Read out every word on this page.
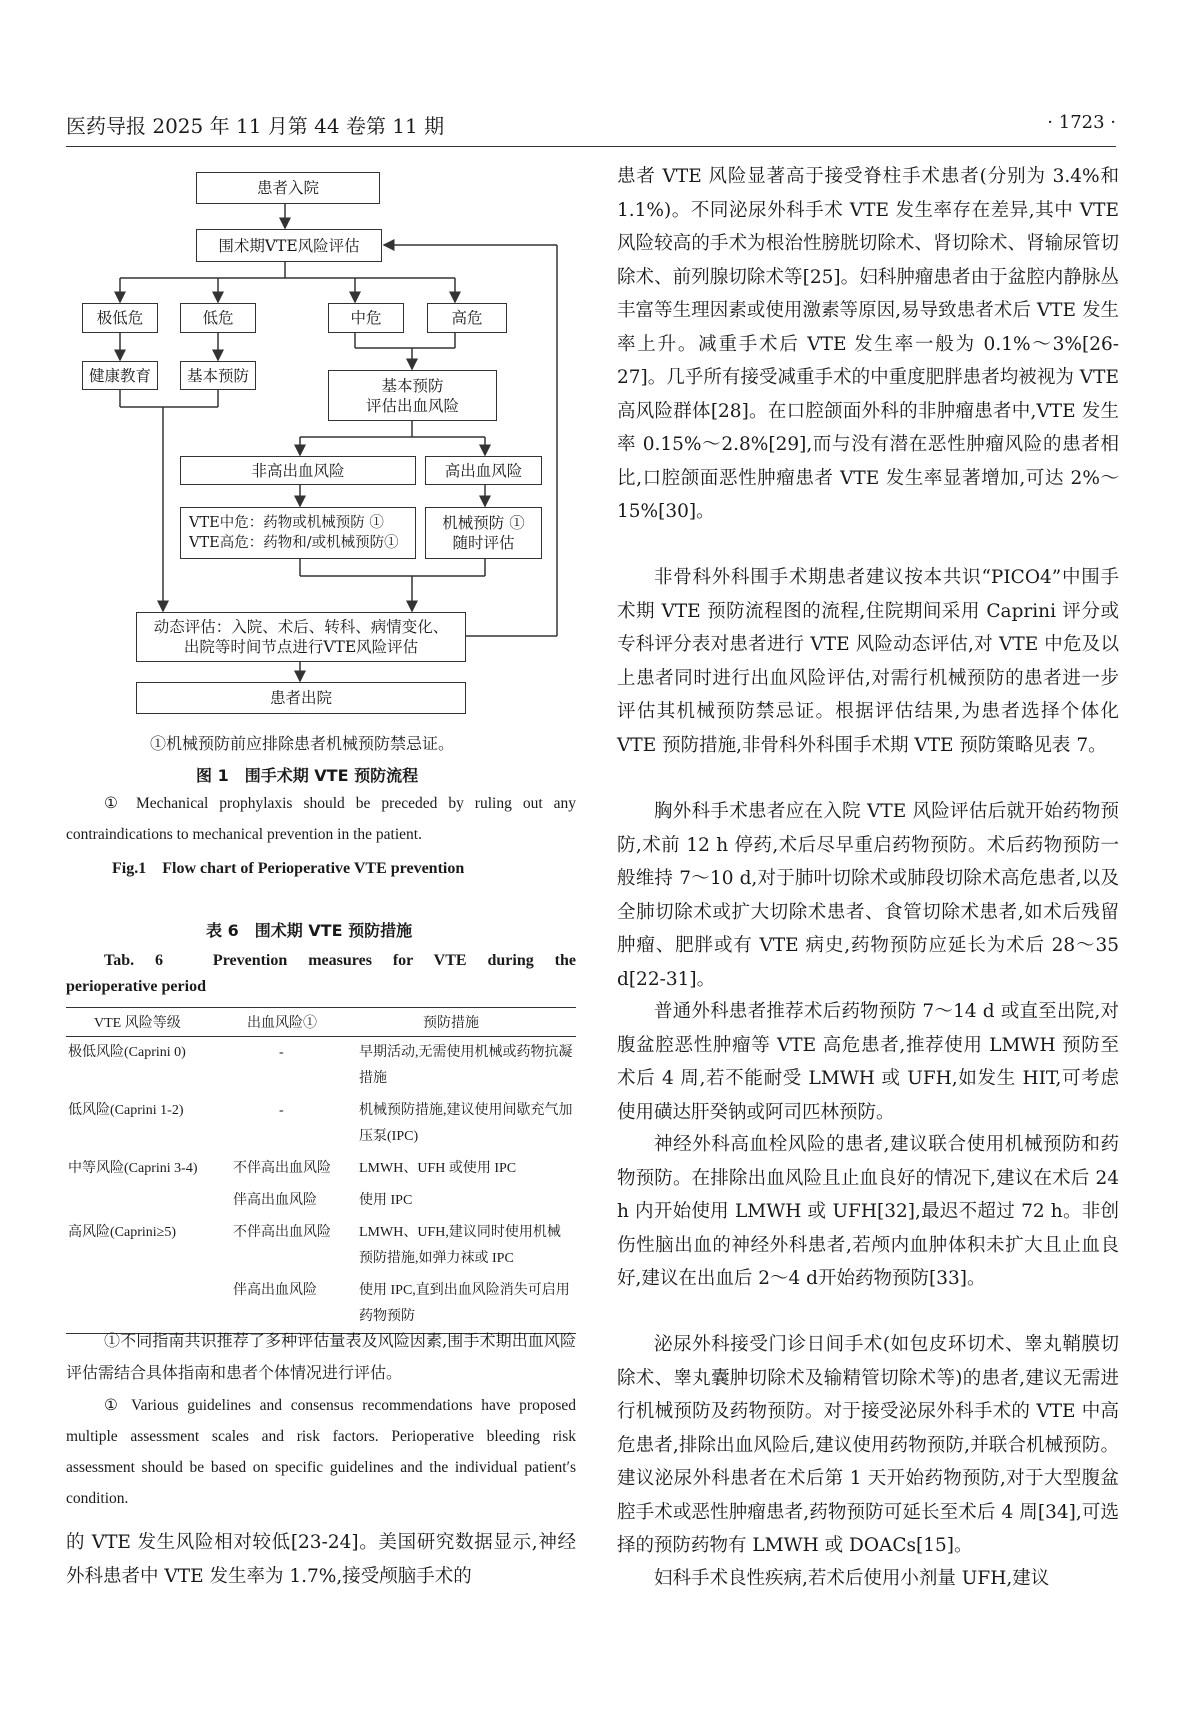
医药导报 2025 年 11 月第 44 卷第 11 期	· 1723 ·
患者入院
围术期VTE风险评估
极低危	低危	中危	高危
健康教育	基本预防
基本预防
评估出血风险
非高出血风险	高出血风险
VTE中危：药物或机械预防 ①
VTE高危：药物和/或机械预防①
机械预防 ①
随时评估
动态评估：入院、术后、转科、病情变化、
出院等时间节点进行VTE风险评估
患者出院
①机械预防前应排除患者机械预防禁忌证。
图 1　围手术期 VTE 预防流程
① Mechanical prophylaxis should be preceded by ruling out any contraindications to mechanical prevention in the patient.
Fig.1　Flow chart of Perioperative VTE prevention
表 6　围术期 VTE 预防措施
Tab. 6　Prevention measures for VTE during the
perioperative period
VTE 风险等级	出血风险①	预防措施
极低风险(Caprini 0)	-	早期活动,无需使用机械或药物抗凝措施
低风险(Caprini 1-2)	-	机械预防措施,建议使用间歇充气加压泵(IPC)
中等风险(Caprini 3-4)	不伴高出血风险	LMWH、UFH 或使用 IPC
	伴高出血风险	使用 IPC
高风险(Caprini≥5)	不伴高出血风险	LMWH、UFH,建议同时使用机械预防措施,如弹力袜或 IPC
	伴高出血风险	使用 IPC,直到出血风险消失可启用药物预防
①不同指南共识推荐了多种评估量表及风险因素,围手术期出血风险评估需结合具体指南和患者个体情况进行评估。
① Various guidelines and consensus recommendations have proposed multiple assessment scales and risk factors. Perioperative bleeding risk assessment should be based on specific guidelines and the individual patient′s condition.
的 VTE 发生风险相对较低[23-24]。美国研究数据显示,神经外科患者中 VTE 发生率为 1.7%,接受颅脑手术的
患者 VTE 风险显著高于接受脊柱手术患者(分别为 3.4%和 1.1%)。不同泌尿外科手术 VTE 发生率存在差异,其中 VTE 风险较高的手术为根治性膀胱切除术、肾切除术、肾输尿管切除术、前列腺切除术等[25]。妇科肿瘤患者由于盆腔内静脉丛丰富等生理因素或使用激素等原因,易导致患者术后 VTE 发生率上升。减重手术后 VTE 发生率一般为 0.1%～3%[26-27]。几乎所有接受减重手术的中重度肥胖患者均被视为 VTE 高风险群体[28]。在口腔颌面外科的非肿瘤患者中,VTE 发生率 0.15%～2.8%[29],而与没有潜在恶性肿瘤风险的患者相比,口腔颌面恶性肿瘤患者 VTE 发生率显著增加,可达 2%～15%[30]。
非骨科外科围手术期患者建议按本共识“PICO4”中围手术期 VTE 预防流程图的流程,住院期间采用 Caprini 评分或专科评分表对患者进行 VTE 风险动态评估,对 VTE 中危及以上患者同时进行出血风险评估,对需行机械预防的患者进一步评估其机械预防禁忌证。根据评估结果,为患者选择个体化 VTE 预防措施,非骨科外科围手术期 VTE 预防策略见表 7。
胸外科手术患者应在入院 VTE 风险评估后就开始药物预防,术前 12 h 停药,术后尽早重启药物预防。术后药物预防一般维持 7～10 d,对于肺叶切除术或肺段切除术高危患者,以及全肺切除术或扩大切除术患者、食管切除术患者,如术后残留肿瘤、肥胖或有 VTE 病史,药物预防应延长为术后 28～35 d[22-31]。
普通外科患者推荐术后药物预防 7～14 d 或直至出院,对腹盆腔恶性肿瘤等 VTE 高危患者,推荐使用 LMWH 预防至术后 4 周,若不能耐受 LMWH 或 UFH,如发生 HIT,可考虑使用磺达肝癸钠或阿司匹林预防。
神经外科高血栓风险的患者,建议联合使用机械预防和药物预防。在排除出血风险且止血良好的情况下,建议在术后 24 h 内开始使用 LMWH 或 UFH[32],最迟不超过 72 h。非创伤性脑出血的神经外科患者,若颅内血肿体积未扩大且止血良好,建议在出血后 2～4 d开始药物预防[33]。
泌尿外科接受门诊日间手术(如包皮环切术、睾丸鞘膜切除术、睾丸囊肿切除术及输精管切除术等)的患者,建议无需进行机械预防及药物预防。对于接受泌尿外科手术的 VTE 中高危患者,排除出血风险后,建议使用药物预防,并联合机械预防。建议泌尿外科患者在术后第 1 天开始药物预防,对于大型腹盆腔手术或恶性肿瘤患者,药物预防可延长至术后 4 周[34],可选择的预防药物有 LMWH 或 DOACs[15]。
妇科手术良性疾病,若术后使用小剂量 UFH,建议
